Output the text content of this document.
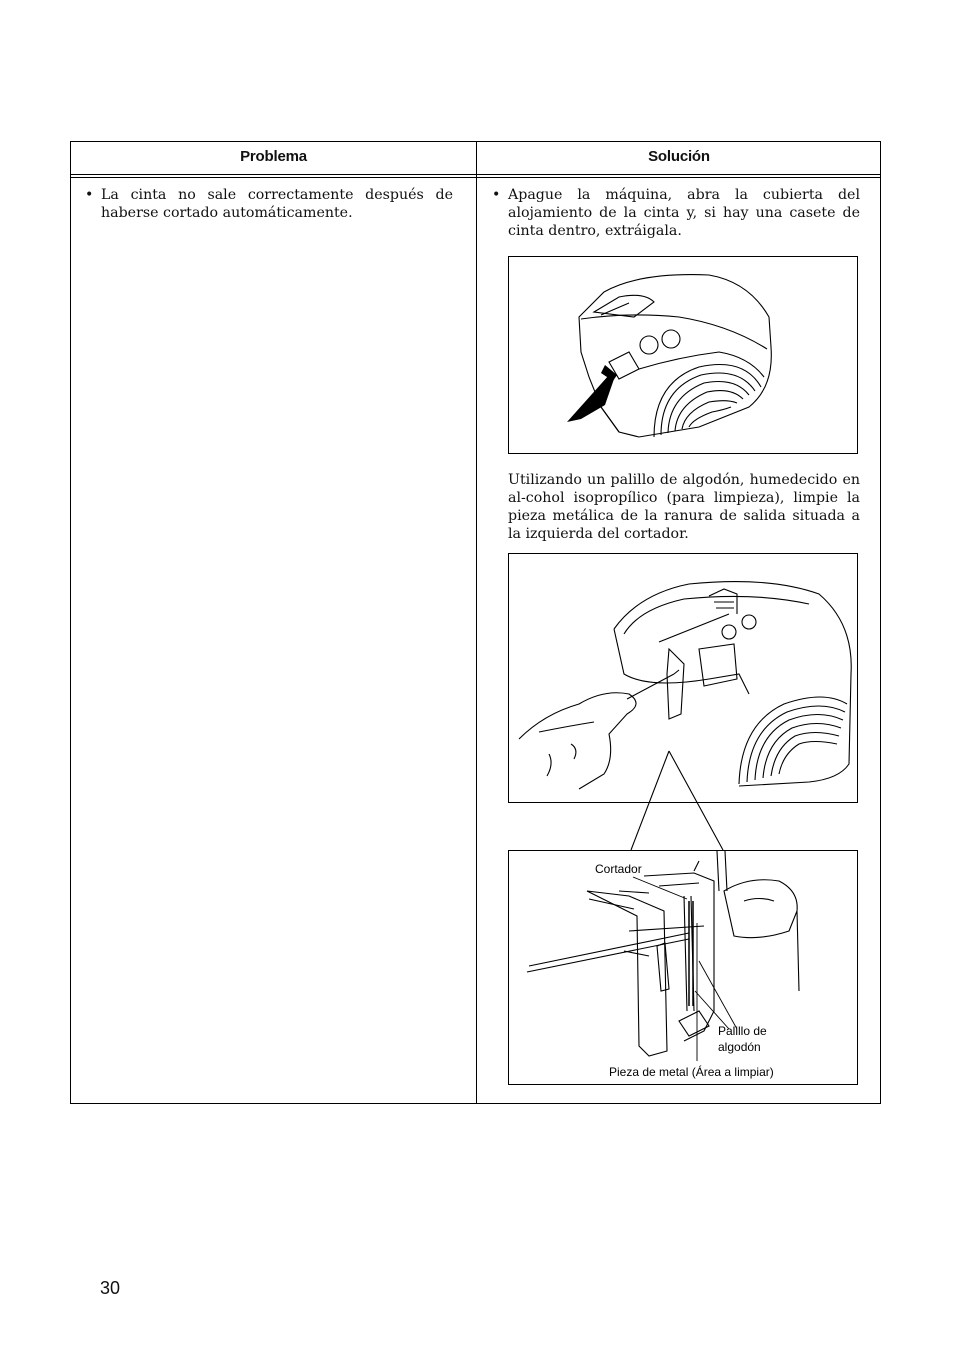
Problema	Solución
• La cinta no sale correctamente después de haberse cortado automáticamente.
• Apague la máquina, abra la cubierta del alojamiento de la cinta y, si hay una casete de cinta dentro, extráigala.
Utilizando un palillo de algodón, humedecido en al-cohol isopropílico (para limpieza), limpie la pieza metálica de la ranura de salida situada a la izquierda del cortador.
Cortador
Palillo de
algodón
Pieza de metal (Área a limpiar)
30
